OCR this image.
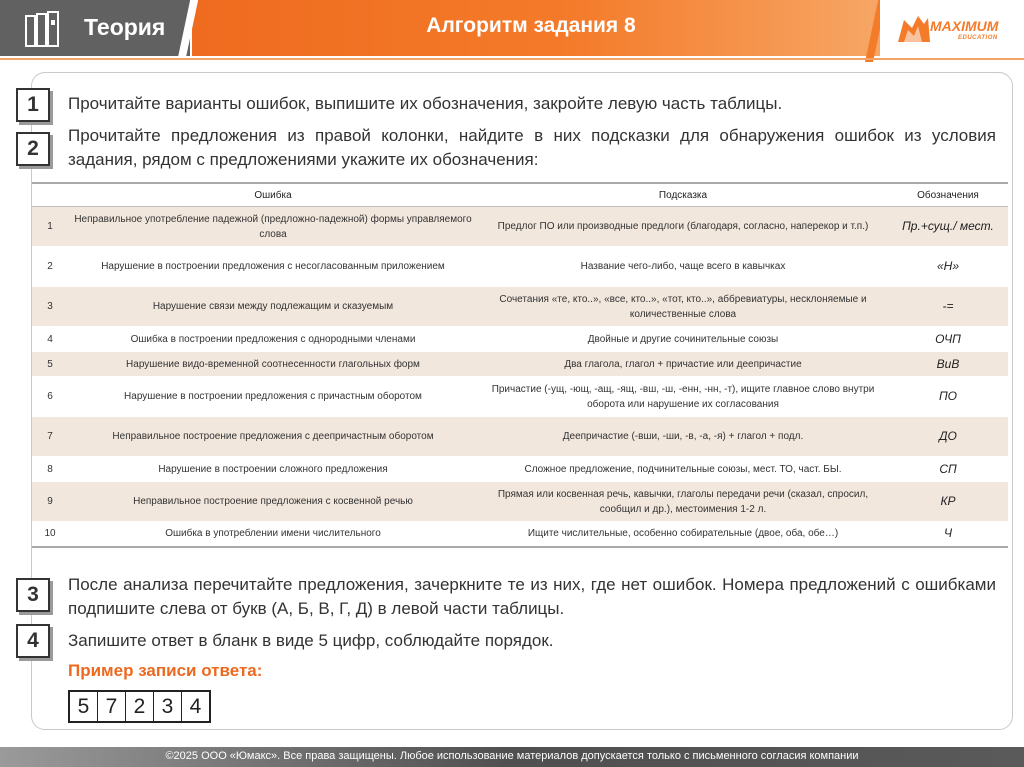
Теория	Алгоритм задания 8	MAXIMUM
EDUCATION
1	Прочитайте варианты ошибок, выпишите их обозначения, закройте левую часть таблицы.
2
Прочитайте предложения из правой колонки, найдите в них подсказки для обнаружения ошибок из условия задания, рядом с предложениями укажите их обозначения:
	Ошибка	Подсказка	Обозначения
1	Неправильное употребление падежной (предложно-падежной) формы управляемого слова	Предлог ПО или производные предлоги (благодаря, согласно, наперекор и т.п.)	Пр.+сущ./ мест.
2	Нарушение в построении предложения с несогласованным приложением	Название чего-либо, чаще всего в кавычках	«Н»
3	Нарушение связи между подлежащим и сказуемым	Сочетания «те, кто..», «все, кто..», «тот, кто..», аббревиатуры, несклоняемые и количественные слова	-=
4	Ошибка в построении предложения с однородными членами	Двойные и другие сочинительные союзы	ОЧП
5	Нарушение видо-временной соотнесенности глагольных форм	Два глагола, глагол + причастие или деепричастие	ВиВ
6	Нарушение в построении предложения с причастным оборотом	Причастие (-ущ, -ющ, -ащ, -ящ, -вш, -ш, -енн, -нн, -т), ищите главное слово внутри оборота или нарушение их согласования	ПО
7	Неправильное построение предложения с деепричастным оборотом	Деепричастие (-вши, -ши, -в, -а, -я) + глагол + подл.	ДО
8	Нарушение в построении сложного предложения	Сложное предложение, подчинительные союзы, мест. ТО, част. БЫ.	СП
9	Неправильное построение предложения с косвенной речью	Прямая или косвенная речь, кавычки, глаголы передачи речи (сказал, спросил, сообщил и др.), местоимения 1-2 л.	КР
10	Ошибка в употреблении имени числительного	Ищите числительные, особенно собирательные (двое, оба, обе…)	Ч
3	После анализа перечитайте предложения, зачеркните те из них, где нет ошибок. Номера предложений с ошибками подпишите слева от букв (А, Б, В, Г, Д) в левой части таблицы.
4	Запишите ответ в бланк в виде 5 цифр, соблюдайте порядок.
Пример записи ответа:
5 7 2 3 4
©2025 ООО «Юмакс». Все права защищены. Любое использование материалов допускается только с письменного согласия компании
